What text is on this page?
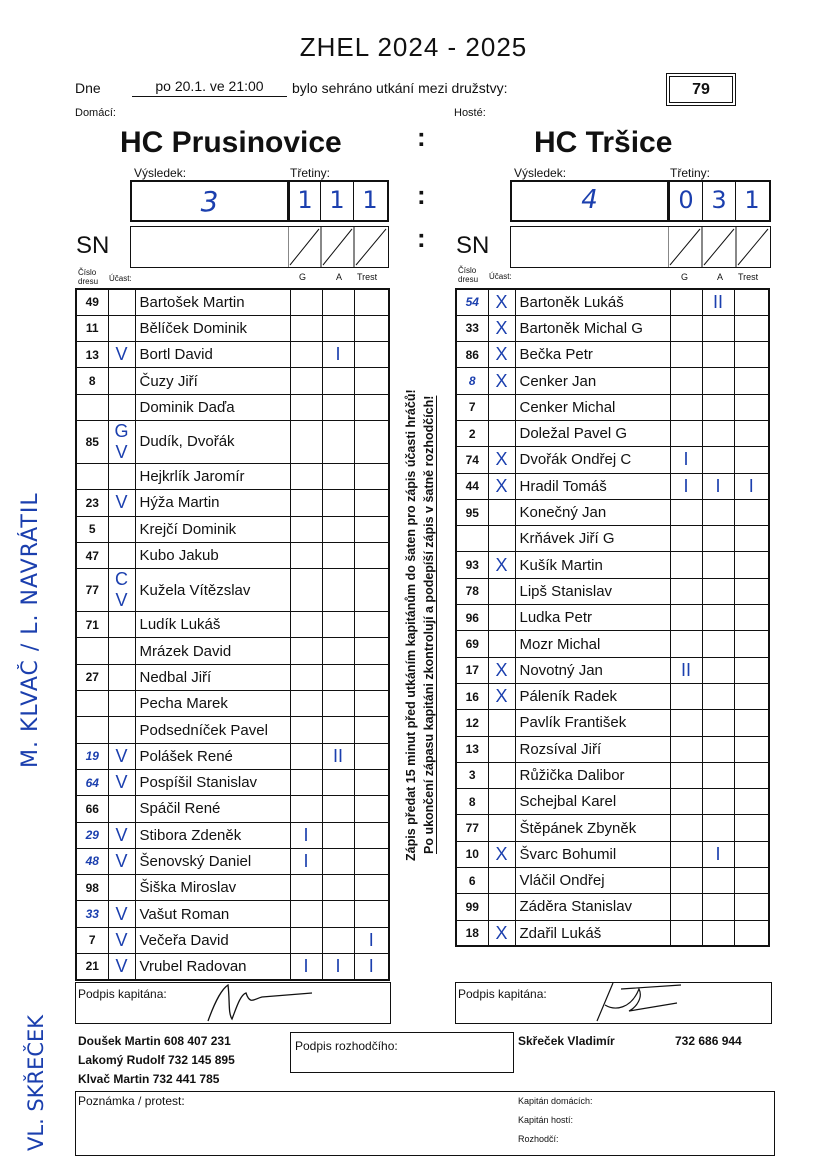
ZHEL 2024 - 2025
Dne	po 20.1. ve 21:00	bylo sehráno utkání mezi družstvy:	79
Domácí:	Hosté:
HC Prusinovice	HC Tršice
:
:
:
Výsledek:	Třetiny:
3	1 1 1
Výsledek:	Třetiny:
4	0 3 1
SN	SN
Číslo dresu	Účast:	G	A Trest
Číslo dresu	Účast:	G	A Trest
49		Bartošek Martin			
11		Bělíček Dominik			
13	V	Bortl David		I	
8		Čuzy Jiří			
		Dominik Daďa			
85	G V	Dudík, Dvořák			
		Hejkrlík Jaromír			
23	V	Hýža Martin			
5		Krejčí Dominik			
47		Kubo Jakub			
77	C V	Kužela Vítězslav			
71		Ludík Lukáš			
		Mrázek David			
27		Nedbal Jiří			
		Pecha Marek			
		Podsedníček Pavel			
19	V	Polášek René		II	
64	V	Pospíšil Stanislav			
66		Spáčil René			
29	V	Stibora Zdeněk	I		
48	V	Šenovský Daniel	I		
98		Šiška Miroslav			
33	V	Vašut Roman			
7	V	Večeřa David			I
21	V	Vrubel Radovan	I	I	I
54	X	Bartoněk Lukáš		II	
33	X	Bartoněk Michal G			
86	X	Bečka Petr			
8	X	Cenker Jan			
7		Cenker Michal			
2		Doležal Pavel G			
74	X	Dvořák Ondřej C	I		
44	X	Hradil Tomáš	I	I	I
95		Konečný Jan			
		Krňávek Jiří G			
93	X	Kušík Martin			
78		Lipš Stanislav			
96		Ludka Petr			
69		Mozr Michal			
17	X	Novotný Jan	II		
16	X	Páleník Radek			
12		Pavlík František			
13		Rozsíval Jiří			
3		Růžička Dalibor			
8		Schejbal Karel			
77		Štěpánek Zbyněk			
10	X	Švarc Bohumil		I	
6		Vláčil Ondřej			
99		Záděra Stanislav			
18	X	Zdařil Lukáš			
Zápis předat 15 minut před utkáním kapitánům do šaten pro zápis účasti hráčů! Po ukončení zápasu kapitáni zkontrolují a podepíší zápis v šatně rozhodčích!
M. KLVAČ / L. NAVRÁTIL
VL. SKŘEČEK
Podpis kapitána:	Podpis kapitána:
Doušek Martin 608 407 231
Lakomý Rudolf 732 145 895
Klvač Martin 732 441 785
Podpis rozhodčího:	Skřeček Vladimír	732 686 944
Poznámka / protest:	Kapitán domácích:
Kapitán hostí:
Rozhodčí:
